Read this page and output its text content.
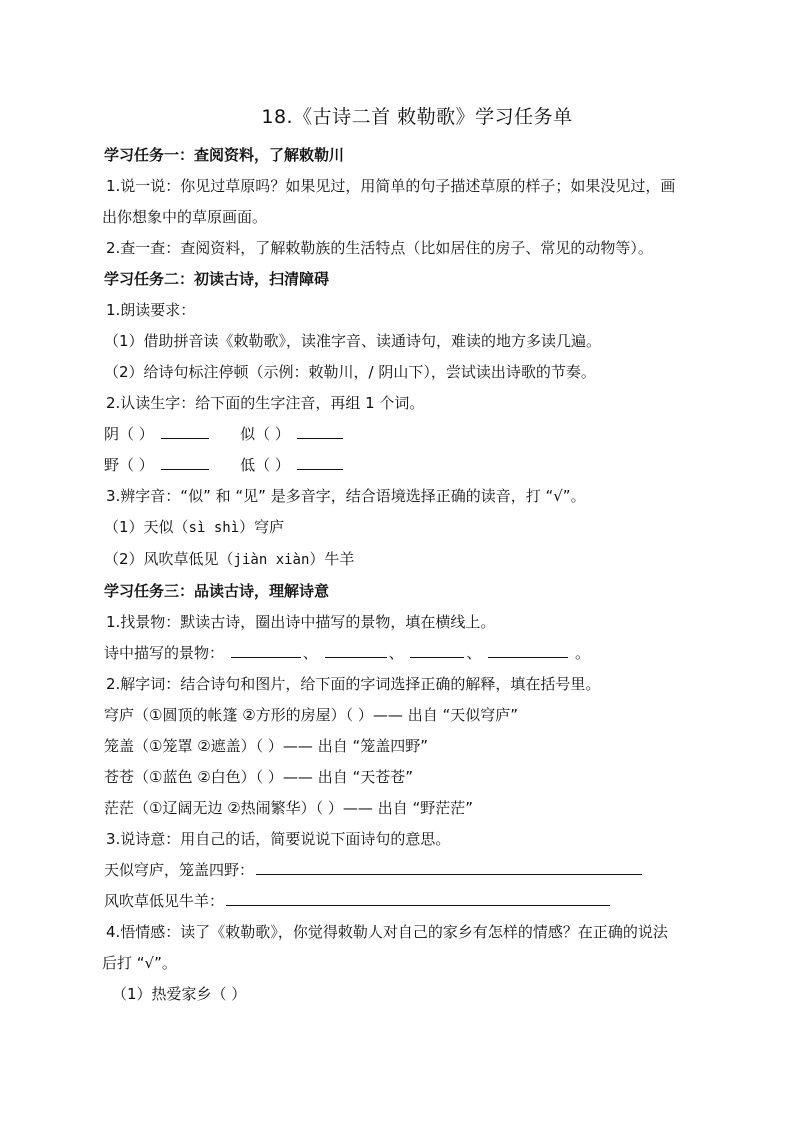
18.《古诗二首 敕勒歌》学习任务单
学习任务一：查阅资料，了解敕勒川
1.说一说：你见过草原吗？如果见过，用简单的句子描述草原的样子；如果没见过，画
出你想象中的草原画面。
2.查一查：查阅资料，了解敕勒族的生活特点（比如居住的房子、常见的动物等）。
学习任务二：初读古诗，扫清障碍
1.朗读要求：
（1）借助拼音读《敕勒歌》，读准字音、读通诗句，难读的地方多读几遍。
（2）给诗句标注停顿（示例：敕勒川，/ 阴山下），尝试读出诗歌的节奏。
2.认读生字：给下面的生字注音，再组 1 个词。
阴（ ）	似（ ）
野（ ）	低（ ）
3.辨字音：“似” 和 “见” 是多音字，结合语境选择正确的读音，打 “√”。
（1）天似（sì shì）穹庐
（2）风吹草低见（jiàn xiàn）牛羊
学习任务三：品读古诗，理解诗意
1.找景物：默读古诗，圈出诗中描写的景物，填在横线上。
诗中描写的景物：	、	、	、	。
2.解字词：结合诗句和图片，给下面的字词选择正确的解释，填在括号里。
穹庐（①圆顶的帐篷 ②方形的房屋）（ ）—— 出自 “天似穹庐”
笼盖（①笼罩 ②遮盖）（ ）—— 出自 “笼盖四野”
苍苍（①蓝色 ②白色）（ ）—— 出自 “天苍苍”
茫茫（①辽阔无边 ②热闹繁华）（ ）—— 出自 “野茫茫”
3.说诗意：用自己的话，简要说说下面诗句的意思。
天似穹庐，笼盖四野：
风吹草低见牛羊：
4.悟情感：读了《敕勒歌》，你觉得敕勒人对自己的家乡有怎样的情感？在正确的说法
后打 “√”。
（1）热爱家乡（ ）
